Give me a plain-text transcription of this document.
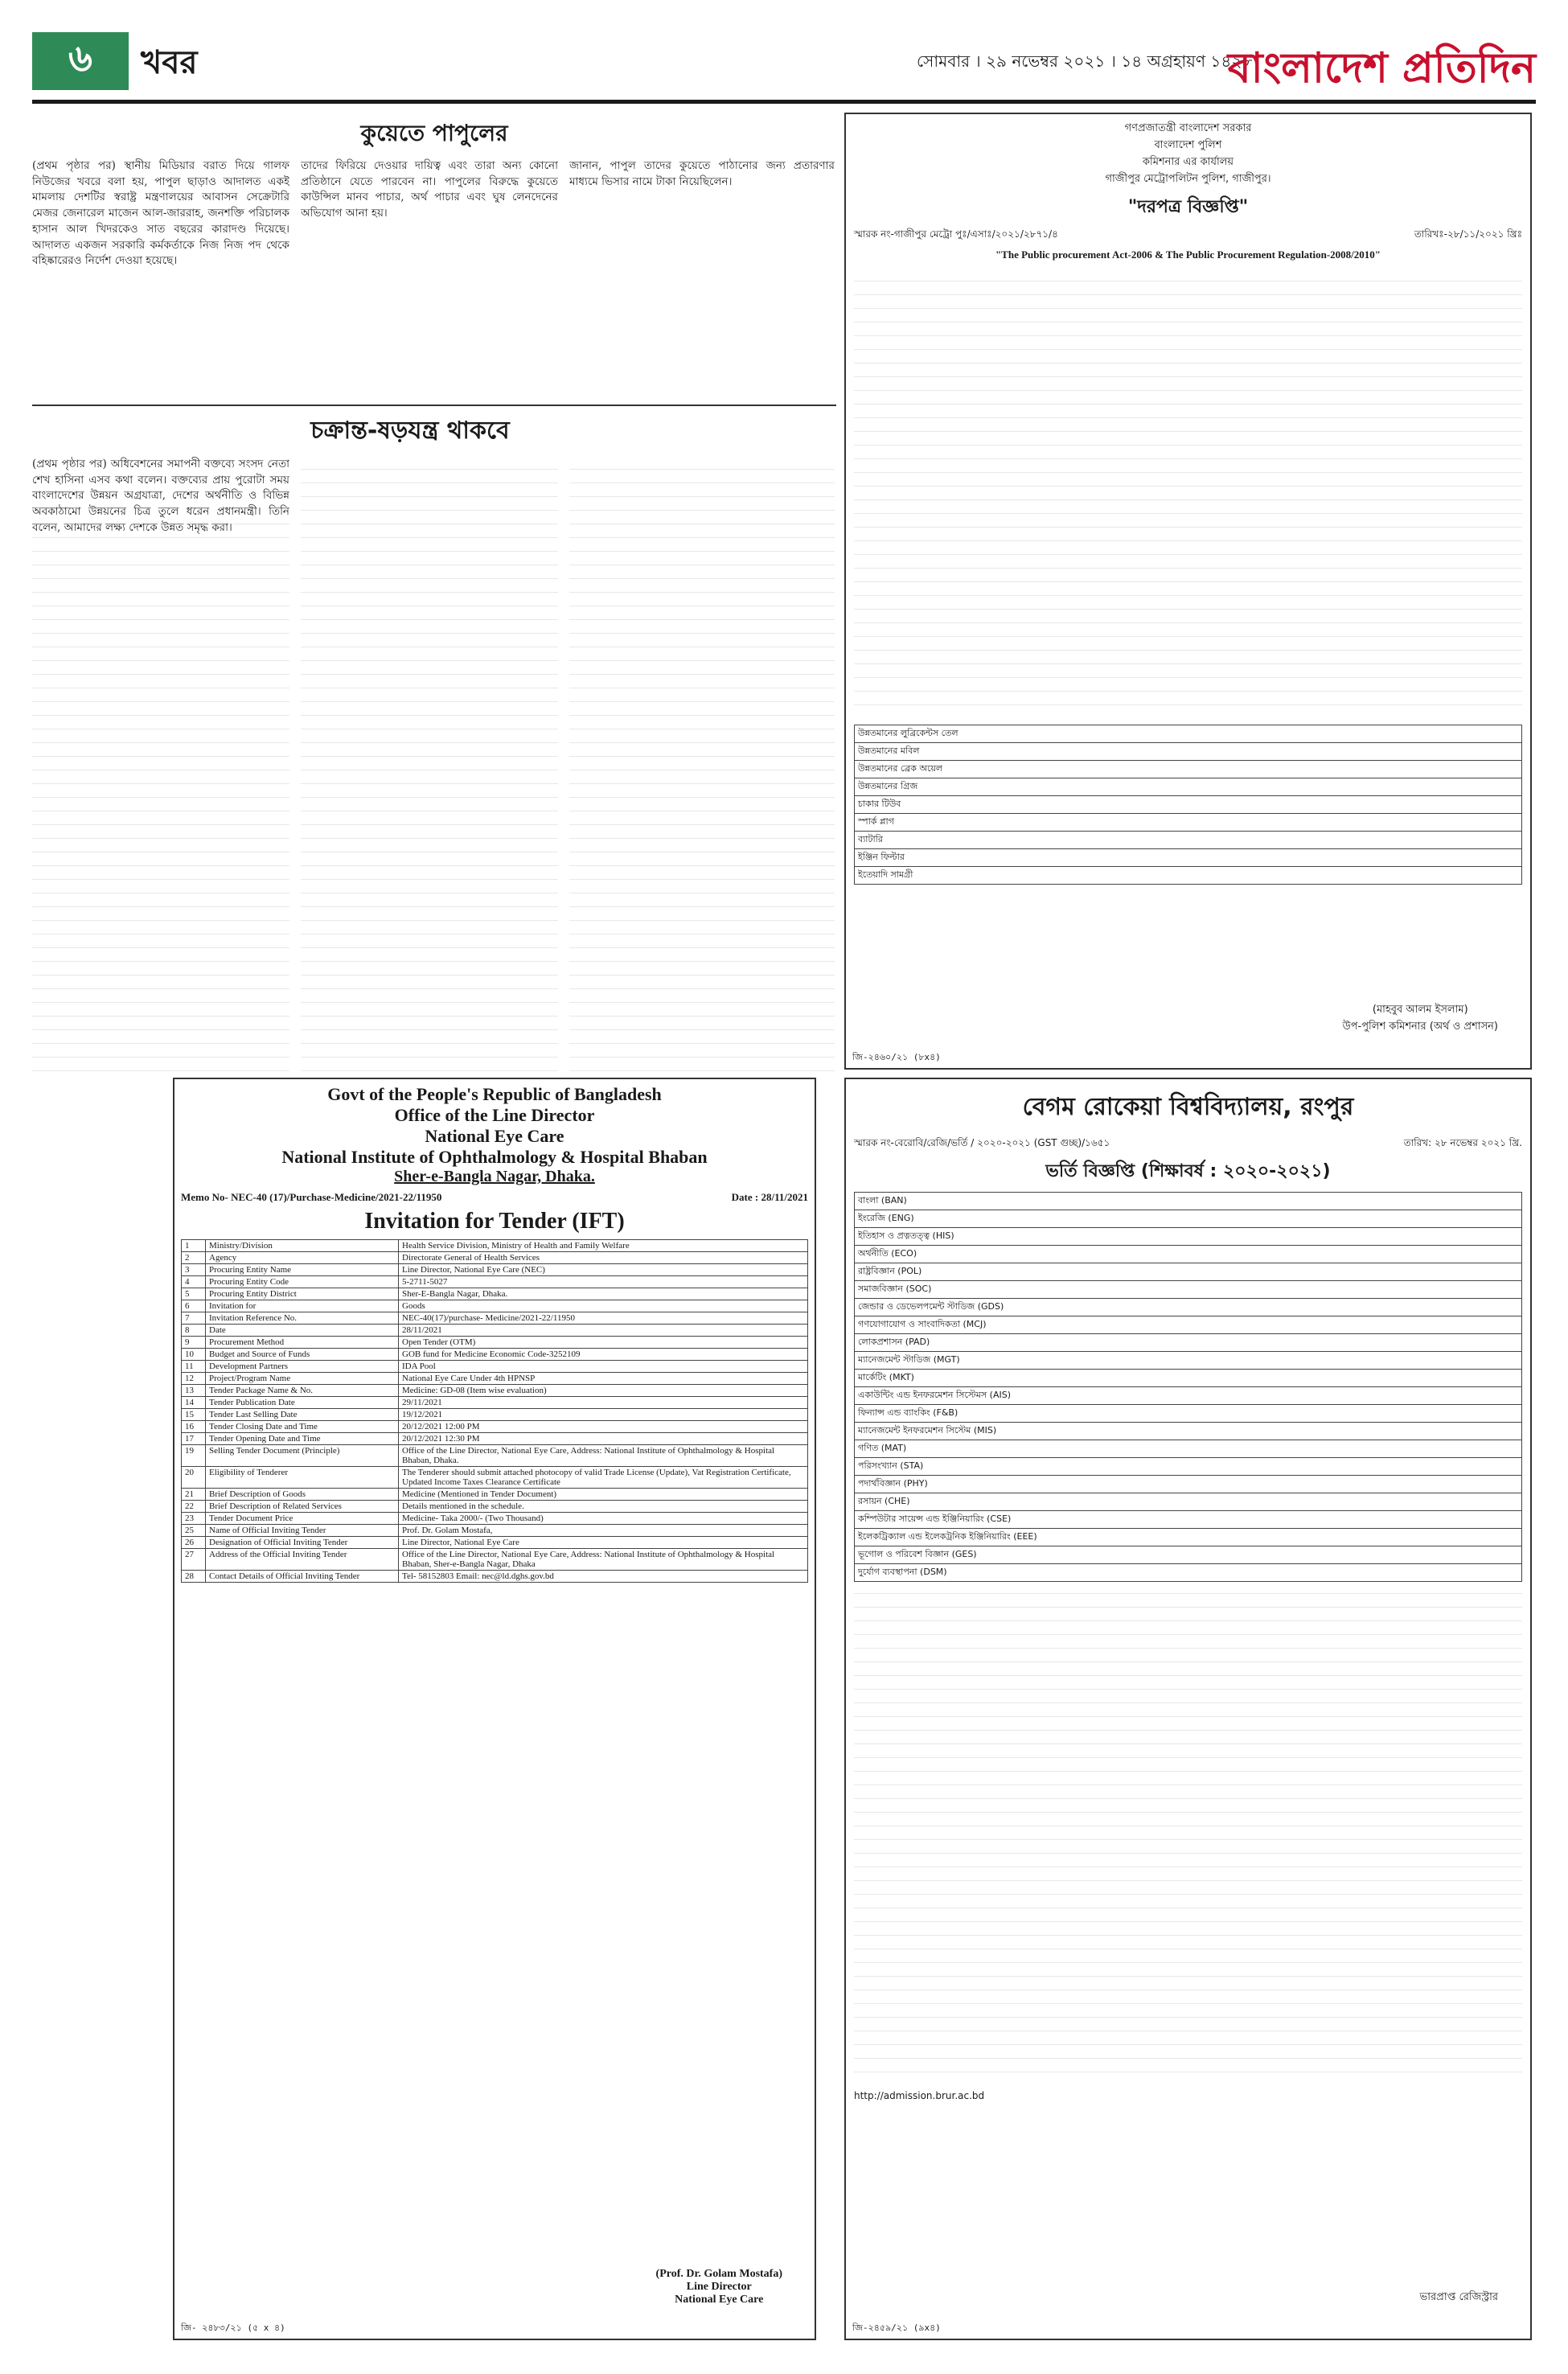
৬	খবর	সোমবার । ২৯ নভেম্বর ২০২১ । ১৪ অগ্রহায়ণ ১৪২৮
বাংলাদেশ প্রতিদিন
কুয়েতে পাপুলের
(প্রথম পৃষ্ঠার পর) স্থানীয় মিডিয়ার বরাত দিয়ে গালফ নিউজের খবরে বলা হয়, পাপুল ছাড়াও আদালত একই মামলায় দেশটির স্বরাষ্ট্র মন্ত্রণালয়ের আবাসন সেক্রেটারি মেজর জেনারেল মাজেন আল-জাররাহ, জনশক্তি পরিচালক হাসান আল খিদরকেও সাত বছরের কারাদণ্ড দিয়েছে। আদালত একজন সরকারি কর্মকর্তাকে নিজ নিজ পদ থেকে বহিষ্কারেরও নির্দেশ দেওয়া হয়েছে।
তাদের ফিরিয়ে দেওয়ার দায়িত্ব এবং তারা অন্য কোনো প্রতিষ্ঠানে যেতে পারবেন না। পাপুলের বিরুদ্ধে কুয়েতে কাউন্সিল মানব পাচার, অর্থ পাচার এবং ঘুষ লেনদেনের অভিযোগ আনা হয়।
জানান, পাপুল তাদের কুয়েতে পাঠানোর জন্য প্রতারণার মাধ্যমে ভিসার নামে টাকা নিয়েছিলেন।
চক্রান্ত-ষড়যন্ত্র থাকবে
(প্রথম পৃষ্ঠার পর) অধিবেশনের সমাপনী বক্তব্যে সংসদ নেতা শেখ হাসিনা এসব কথা বলেন। বক্তব্যের প্রায় পুরোটা সময় বাংলাদেশের উন্নয়ন অগ্রযাত্রা, দেশের অর্থনীতি ও বিভিন্ন অবকাঠামো উন্নয়নের চিত্র তুলে ধরেন প্রধানমন্ত্রী। তিনি বলেন, আমাদের লক্ষ্য দেশকে উন্নত সমৃদ্ধ করা।
Govt of the People's Republic of Bangladesh
Office of the Line Director
National Eye Care
National Institute of Ophthalmology & Hospital Bhaban
Sher-e-Bangla Nagar, Dhaka.
Memo No- NEC-40 (17)/Purchase-Medicine/2021-22/11950	Date : 28/11/2021
Invitation for Tender (IFT)
1	Ministry/Division	Health Service Division, Ministry of Health and Family Welfare
2	Agency	Directorate General of Health Services
3	Procuring Entity Name	Line Director, National Eye Care (NEC)
4	Procuring Entity Code	5-2711-5027
5	Procuring Entity District	Sher-E-Bangla Nagar, Dhaka.
6	Invitation for	Goods
7	Invitation Reference No.	NEC-40(17)/purchase- Medicine/2021-22/11950
8	Date	28/11/2021
9	Procurement Method	Open Tender (OTM)
10	Budget and Source of Funds	GOB fund for Medicine Economic Code-3252109
11	Development Partners	IDA Pool
12	Project/Program Name	National Eye Care Under 4th HPNSP
13	Tender Package Name & No.	Medicine: GD-08 (Item wise evaluation)
14	Tender Publication Date	29/11/2021
15	Tender Last Selling Date	19/12/2021
16	Tender Closing Date and Time	20/12/2021 12:00 PM
17	Tender Opening Date and Time	20/12/2021 12:30 PM
19	Selling Tender Document (Principle)	Office of the Line Director, National Eye Care, Address: National Institute of Ophthalmology & Hospital Bhaban, Dhaka.
20	Eligibility of Tenderer	The Tenderer should submit attached photocopy of valid Trade License (Update), Vat Registration Certificate, Updated Income Taxes Clearance Certificate
21	Brief Description of Goods	Medicine (Mentioned in Tender Document)
22	Brief Description of Related Services	Details mentioned in the schedule.
23	Tender Document Price	Medicine- Taka 2000/- (Two Thousand)
25	Name of Official Inviting Tender	Prof. Dr. Golam Mostafa,
26	Designation of Official Inviting Tender	Line Director, National Eye Care
27	Address of the Official Inviting Tender	Office of the Line Director, National Eye Care, Address: National Institute of Ophthalmology & Hospital Bhaban, Sher-e-Bangla Nagar, Dhaka
28	Contact Details of Official Inviting Tender	Tel- 58152803 Email: nec@ld.dghs.gov.bd
(Prof. Dr. Golam Mostafa)
Line Director
National Eye Care
জি- ২৪৮৩/২১ (৫ x ৪)
গণপ্রজাতন্ত্রী বাংলাদেশ সরকার
বাংলাদেশ পুলিশ
কমিশনার এর কার্যালয়
গাজীপুর মেট্রোপলিটন পুলিশ, গাজীপুর।
"দরপত্র বিজ্ঞপ্তি"
স্মারক নং-গাজীপুর মেট্রো পুঃ/এসাঃ/২০২১/২৮৭১/৪	তারিখঃ-২৮/১১/২০২১ খ্রিঃ
"The Public procurement Act-2006 & The Public Procurement Regulation-2008/2010"
উন্নতমানের লুব্রিকেন্টস তেল
উন্নতমানের মবিল
উন্নতমানের ব্রেক অয়েল
উন্নতমানের গ্রিজ
চাকার টিউব
স্পার্ক প্লাগ
ব্যাটারি
ইঞ্জিন ফিল্টার
ইতেয়াদি সামগ্রী
(মাহবুব আলম ইসলাম)
উপ-পুলিশ কমিশনার (অর্থ ও প্রশাসন)
জি-২৪৬০/২১ (৮x৪)
বেগম রোকেয়া বিশ্ববিদ্যালয়, রংপুর
স্মারক নং-বেরোবি/রেজি/ভর্তি / ২০২০-২০২১ (GST গুচ্ছ)/১৬৫১	তারিখ: ২৮ নভেম্বর ২০২১ খ্রি.
ভর্তি বিজ্ঞপ্তি (শিক্ষাবর্ষ : ২০২০-২০২১)
বাংলা (BAN)
ইংরেজি (ENG)
ইতিহাস ও প্রত্নতত্ত্ব (HIS)
অর্থনীতি (ECO)
রাষ্ট্রবিজ্ঞান (POL)
সমাজবিজ্ঞান (SOC)
জেন্ডার ও ডেভেলপমেন্ট স্টাডিজ (GDS)
গণযোগাযোগ ও সাংবাদিকতা (MCJ)
লোকপ্রশাসন (PAD)
ম্যানেজমেন্ট স্টাডিজ (MGT)
মার্কেটিং (MKT)
একাউন্টিং এন্ড ইনফরমেশন সিস্টেমস (AIS)
ফিন্যান্স এন্ড ব্যাংকিং (F&B)
ম্যানেজমেন্ট ইনফরমেশন সিস্টেম (MIS)
গণিত (MAT)
পরিসংখ্যান (STA)
পদার্থবিজ্ঞান (PHY)
রসায়ন (CHE)
কম্পিউটার সায়েন্স এন্ড ইঞ্জিনিয়ারিং (CSE)
ইলেকট্রিক্যাল এন্ড ইলেকট্রনিক ইঞ্জিনিয়ারিং (EEE)
ভূগোল ও পরিবেশ বিজ্ঞান (GES)
দুর্যোগ ব্যবস্থাপনা (DSM)
http://admission.brur.ac.bd
ভারপ্রাপ্ত রেজিস্ট্রার
জি-২৪৫৯/২১ (৯x৪)
